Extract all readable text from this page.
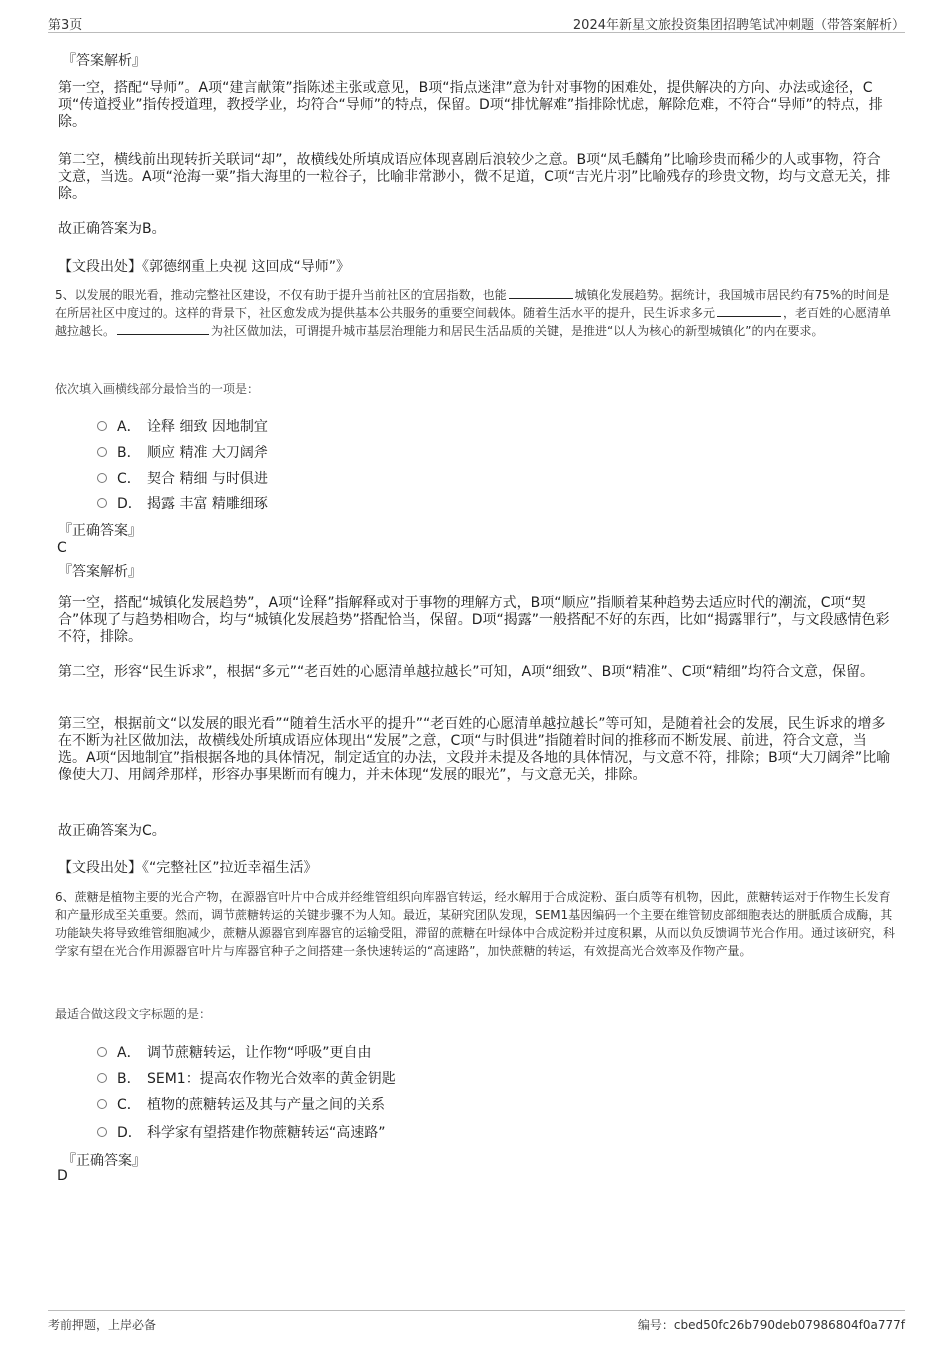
第3页	2024年新星文旅投资集团招聘笔试冲刺题（带答案解析）
『答案解析』
第一空，搭配“导师”。A项“建言献策”指陈述主张或意见，B项“指点迷津”意为针对事物的困难处，提供解决的方向、办法或途径，C项“传道授业”指传授道理，教授学业，均符合“导师”的特点，保留。D项“排忧解难”指排除忧虑，解除危难，不符合“导师”的特点，排除。
第二空，横线前出现转折关联词“却”，故横线处所填成语应体现喜剧后浪较少之意。B项“凤毛麟角”比喻珍贵而稀少的人或事物，符合文意，当选。A项“沧海一粟”指大海里的一粒谷子，比喻非常渺小，微不足道，C项“吉光片羽”比喻残存的珍贵文物，均与文意无关，排除。
故正确答案为B。
【文段出处】《郭德纲重上央视 这回成“导师”》
5、以发展的眼光看，推动完整社区建设，不仅有助于提升当前社区的宜居指数，也能	城镇化发展趋势。据统计，我国城市居民约有75%的时间是在所居社区中度过的。这样的背景下，社区愈发成为提供基本公共服务的重要空间载体。随着生活水平的提升，民生诉求多元	，老百姓的心愿清单越拉越长。	为社区做加法，可谓提升城市基层治理能力和居民生活品质的关键，是推进“以人为核心的新型城镇化”的内在要求。
依次填入画横线部分最恰当的一项是：
A． 诠释 细致 因地制宜
B． 顺应 精准 大刀阔斧
C． 契合 精细 与时俱进
D． 揭露 丰富 精雕细琢
『正确答案』
C
『答案解析』
第一空，搭配“城镇化发展趋势”，A项“诠释”指解释或对于事物的理解方式，B项“顺应”指顺着某种趋势去适应时代的潮流，C项“契合”体现了与趋势相吻合，均与“城镇化发展趋势”搭配恰当，保留。D项“揭露”一般搭配不好的东西，比如“揭露罪行”，与文段感情色彩不符，排除。
第二空，形容“民生诉求”，根据“多元”“老百姓的心愿清单越拉越长”可知，A项“细致”、B项“精准”、C项“精细”均符合文意，保留。
第三空，根据前文“以发展的眼光看”“随着生活水平的提升”“老百姓的心愿清单越拉越长”等可知，是随着社会的发展，民生诉求的增多在不断为社区做加法，故横线处所填成语应体现出“发展”之意，C项“与时俱进”指随着时间的推移而不断发展、前进，符合文意，当选。A项“因地制宜”指根据各地的具体情况，制定适宜的办法，文段并未提及各地的具体情况，与文意不符，排除；B项“大刀阔斧”比喻像使大刀、用阔斧那样，形容办事果断而有魄力，并未体现“发展的眼光”，与文意无关，排除。
故正确答案为C。
【文段出处】《“完整社区”拉近幸福生活》
6、蔗糖是植物主要的光合产物，在源器官叶片中合成并经维管组织向库器官转运，经水解用于合成淀粉、蛋白质等有机物，因此，蔗糖转运对于作物生长发育和产量形成至关重要。然而，调节蔗糖转运的关键步骤不为人知。最近，某研究团队发现，SEM1基因编码一个主要在维管韧皮部细胞表达的胼胝质合成酶，其功能缺失将导致维管细胞减少，蔗糖从源器官到库器官的运输受阻，滞留的蔗糖在叶绿体中合成淀粉并过度积累，从而以负反馈调节光合作用。通过该研究，科学家有望在光合作用源器官叶片与库器官种子之间搭建一条快速转运的“高速路”，加快蔗糖的转运，有效提高光合效率及作物产量。
最适合做这段文字标题的是：
A． 调节蔗糖转运，让作物“呼吸”更自由
B． SEM1：提高农作物光合效率的黄金钥匙
C． 植物的蔗糖转运及其与产量之间的关系
D． 科学家有望搭建作物蔗糖转运“高速路”
『正确答案』
D
考前押题，上岸必备	编号：cbed50fc26b790deb07986804f0a777f
